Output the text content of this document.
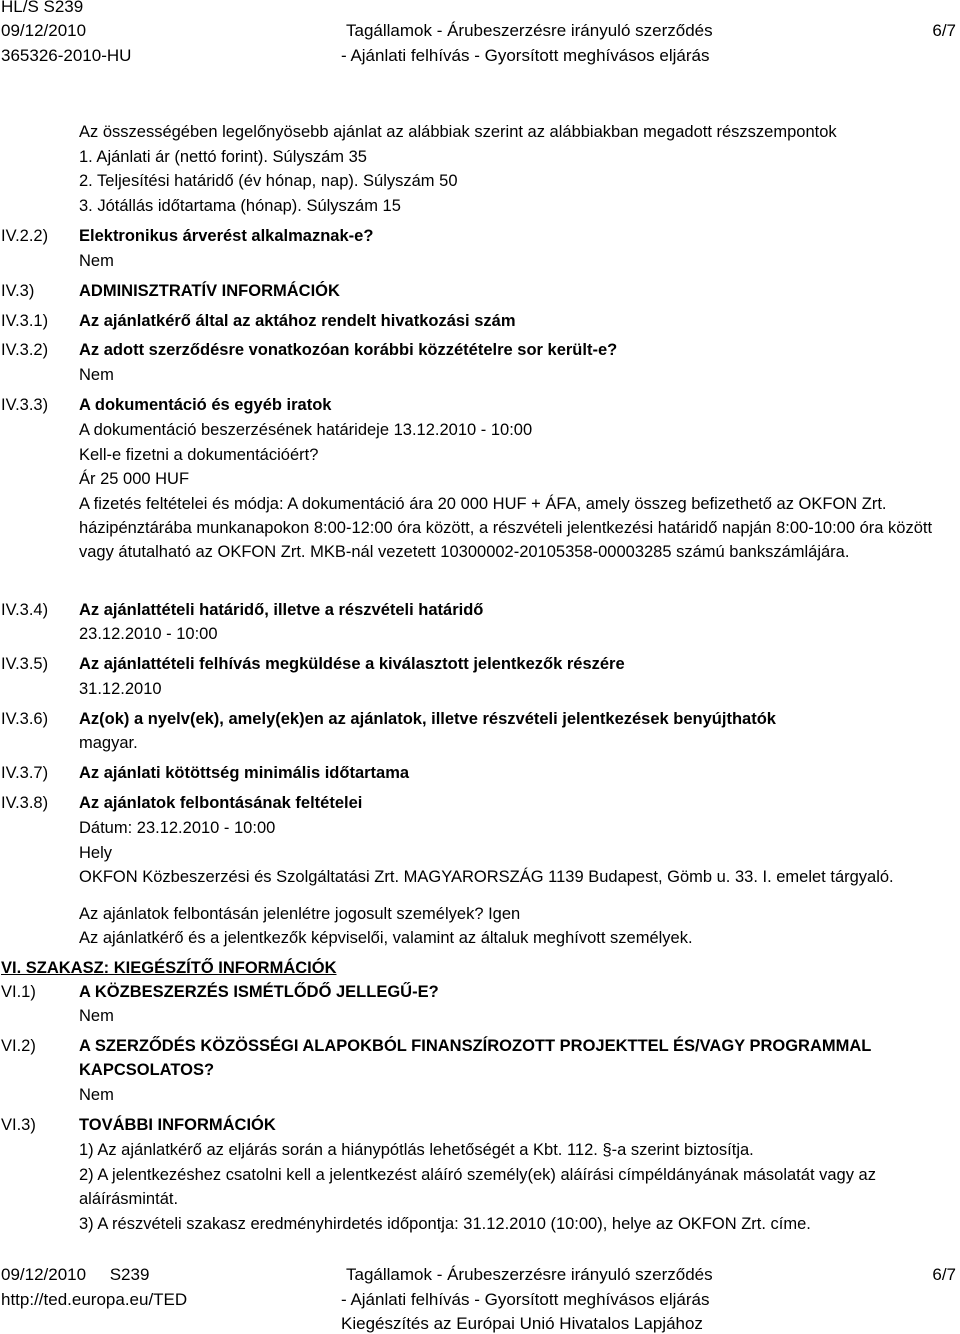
HL/S S239
09/12/2010
365326-2010-HU
Tagállamok - Árubeszerzésre irányuló szerződés
- Ajánlati felhívás - Gyorsított meghívásos eljárás
6/7
Az összességében legelőnyösebb ajánlat az alábbiak szerint az alábbiakban megadott részszempontok
1. Ajánlati ár (nettó forint). Súlyszám 35
2. Teljesítési határidő (év hónap, nap). Súlyszám 50
3. Jótállás időtartama (hónap). Súlyszám 15
IV.2.2) Elektronikus árverést alkalmaznak-e?
Nem
IV.3)	ADMINISZTRATÍV INFORMÁCIÓK
IV.3.1) Az ajánlatkérő által az aktához rendelt hivatkozási szám
IV.3.2) Az adott szerződésre vonatkozóan korábbi közzétételre sor került-e?
Nem
IV.3.3) A dokumentáció és egyéb iratok
A dokumentáció beszerzésének határideje 13.12.2010 - 10:00
Kell-e fizetni a dokumentációért?
Ár 25 000 HUF
A fizetés feltételei és módja: A dokumentáció ára 20 000 HUF + ÁFA, amely összeg befizethető az OKFON Zrt. házipénztárába munkanapokon 8:00-12:00 óra között, a részvételi jelentkezési határidő napján 8:00-10:00 óra között vagy átutalható az OKFON Zrt. MKB-nál vezetett 10300002-20105358-00003285 számú bankszámlájára.
IV.3.4) Az ajánlattételi határidő, illetve a részvételi határidő
23.12.2010 - 10:00
IV.3.5) Az ajánlattételi felhívás megküldése a kiválasztott jelentkezők részére
31.12.2010
IV.3.6) Az(ok) a nyelv(ek), amely(ek)en az ajánlatok, illetve részvételi jelentkezések benyújthatók
magyar.
IV.3.7) Az ajánlati kötöttség minimális időtartama
IV.3.8) Az ajánlatok felbontásának feltételei
Dátum: 23.12.2010 - 10:00
Hely
OKFON Közbeszerzési és Szolgáltatási Zrt. MAGYARORSZÁG 1139 Budapest, Gömb u. 33. I. emelet tárgyaló.
Az ajánlatok felbontásán jelenlétre jogosult személyek? Igen
Az ajánlatkérő és a jelentkezők képviselői, valamint az általuk meghívott személyek.
VI. SZAKASZ: KIEGÉSZÍTŐ INFORMÁCIÓK
VI.1)	A KÖZBESZERZÉS ISMÉTLŐDŐ JELLEGŰ-E?
Nem
VI.2)	A SZERZŐDÉS KÖZÖSSÉGI ALAPOKBÓL FINANSZÍROZOTT PROJEKTTEL ÉS/VAGY PROGRAMMAL KAPCSOLATOS?
Nem
VI.3)	TOVÁBBI INFORMÁCIÓK
1) Az ajánlatkérő az eljárás során a hiánypótlás lehetőségét a Kbt. 112. §-a szerint biztosítja.
2) A jelentkezéshez csatolni kell a jelentkezést aláíró személy(ek) aláírási címpéldányának másolatát vagy az aláírásmintát.
3) A részvételi szakasz eredményhirdetés időpontja: 31.12.2010 (10:00), helye az OKFON Zrt. címe.
09/12/2010     S239
http://ted.europa.eu/TED
Tagállamok - Árubeszerzésre irányuló szerződés
- Ajánlati felhívás - Gyorsított meghívásos eljárás
Kiegészítés az Európai Unió Hivatalos Lapjához
6/7
